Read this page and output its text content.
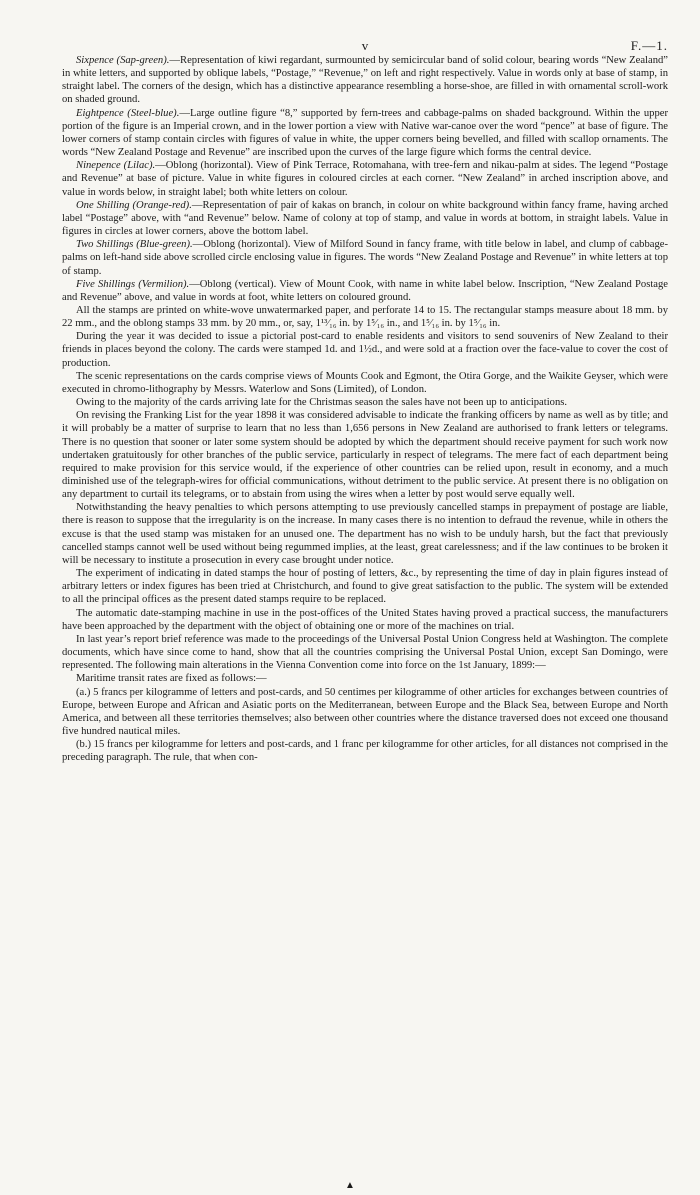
v	F.—1.

Sixpence (Sap-green).—Representation of kiwi regardant, surmounted by semicircular band of solid colour, bearing words “New Zealand” in white letters, and supported by oblique labels, “Postage,” “Revenue,” on left and right respectively. Value in words only at base of stamp, in straight label. The corners of the design, which has a distinctive appearance resembling a horse-shoe, are filled in with ornamental scroll-work on shaded ground.

Eightpence (Steel-blue).—Large outline figure “8,” supported by fern-trees and cabbage-palms on shaded background. Within the upper portion of the figure is an Imperial crown, and in the lower portion a view with Native war-canoe over the word “pence” at base of figure. The lower corners of stamp contain circles with figures of value in white, the upper corners being bevelled, and filled with scallop ornaments. The words “New Zealand Postage and Revenue” are inscribed upon the curves of the large figure which forms the central device.

Ninepence (Lilac).—Oblong (horizontal). View of Pink Terrace, Rotomahana, with tree-fern and nikau-palm at sides. The legend “Postage and Revenue” at base of picture. Value in white figures in coloured circles at each corner. “New Zealand” in arched inscription above, and value in words below, in straight label; both white letters on colour.

One Shilling (Orange-red).—Representation of pair of kakas on branch, in colour on white background within fancy frame, having arched label “Postage” above, with “and Revenue” below. Name of colony at top of stamp, and value in words at bottom, in straight labels. Value in figures in circles at lower corners, above the bottom label.

Two Shillings (Blue-green).—Oblong (horizontal). View of Milford Sound in fancy frame, with title below in label, and clump of cabbage-palms on left-hand side above scrolled circle enclosing value in figures. The words “New Zealand Postage and Revenue” in white letters at top of stamp.

Five Shillings (Vermilion).—Oblong (vertical). View of Mount Cook, with name in white label below. Inscription, “New Zealand Postage and Revenue” above, and value in words at foot, white letters on coloured ground.

All the stamps are printed on white-wove unwatermarked paper, and perforate 14 to 15. The rectangular stamps measure about 18 mm. by 22 mm., and the oblong stamps 33 mm. by 20 mm., or, say, 1¹³⁄₁₆ in. by 1⁵⁄₁₆ in., and 1⁵⁄₁₆ in. by 1⁵⁄₁₆ in.

During the year it was decided to issue a pictorial post-card to enable residents and visitors to send souvenirs of New Zealand to their friends in places beyond the colony. The cards were stamped 1d. and 1½d., and were sold at a fraction over the face-value to cover the cost of production.

The scenic representations on the cards comprise views of Mounts Cook and Egmont, the Otira Gorge, and the Waikite Geyser, which were executed in chromo-lithography by Messrs. Waterlow and Sons (Limited), of London.

Owing to the majority of the cards arriving late for the Christmas season the sales have not been up to anticipations.

On revising the Franking List for the year 1898 it was considered advisable to indicate the franking officers by name as well as by title; and it will probably be a matter of surprise to learn that no less than 1,656 persons in New Zealand are authorised to frank letters or telegrams. There is no question that sooner or later some system should be adopted by which the department should receive payment for such work now undertaken gratuitously for other branches of the public service, particularly in respect of telegrams. The mere fact of each department being required to make provision for this service would, if the experience of other countries can be relied upon, result in economy, and a much diminished use of the telegraph-wires for official communications, without detriment to the public service. At present there is no obligation on any department to curtail its telegrams, or to abstain from using the wires when a letter by post would serve equally well.

Notwithstanding the heavy penalties to which persons attempting to use previously cancelled stamps in prepayment of postage are liable, there is reason to suppose that the irregularity is on the increase. In many cases there is no intention to defraud the revenue, while in others the excuse is that the used stamp was mistaken for an unused one. The department has no wish to be unduly harsh, but the fact that previously cancelled stamps cannot well be used without being regummed implies, at the least, great carelessness; and if the law continues to be broken it will be necessary to institute a prosecution in every case brought under notice.

The experiment of indicating in dated stamps the hour of posting of letters, &c., by representing the time of day in plain figures instead of arbitrary letters or index figures has been tried at Christchurch, and found to give great satisfaction to the public. The system will be extended to all the principal offices as the present dated stamps require to be replaced.

The automatic date-stamping machine in use in the post-offices of the United States having proved a practical success, the manufacturers have been approached by the department with the object of obtaining one or more of the machines on trial.

In last year’s report brief reference was made to the proceedings of the Universal Postal Union Congress held at Washington. The complete documents, which have since come to hand, show that all the countries comprising the Universal Postal Union, except San Domingo, were represented. The following main alterations in the Vienna Convention come into force on the 1st January, 1899:—

Maritime transit rates are fixed as follows:—

(a.) 5 francs per kilogramme of letters and post-cards, and 50 centimes per kilogramme of other articles for exchanges between countries of Europe, between Europe and African and Asiatic ports on the Mediterranean, between Europe and the Black Sea, between Europe and North America, and between all these territories themselves; also between other countries where the distance traversed does not exceed one thousand five hundred nautical miles.

(b.) 15 francs per kilogramme for letters and post-cards, and 1 franc per kilogramme for other articles, for all distances not comprised in the preceding paragraph. The rule, that when con-

▲
